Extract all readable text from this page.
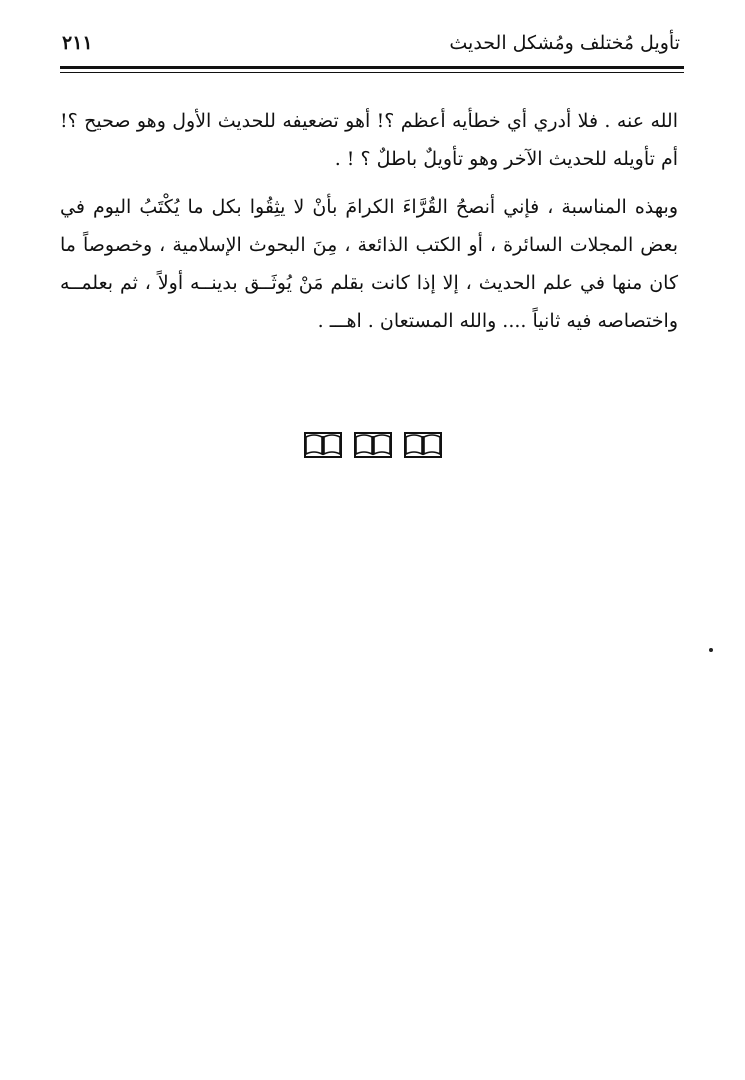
تأويل مُختلف ومُشكل الحديث
٢١١

الله عنه . فلا أدري أي خطأيه أعظم ؟! أهو تضعيفه للحديث الأول وهو صحيح ؟! أم تأويله للحديث الآخر وهو تأويلٌ باطلٌ ؟ ! .

وبهذه المناسبة ، فإني أنصحُ القُرَّاءَ الكرامَ بأنْ لا يثِقُوا بكل ما يُكْتَبُ اليوم في بعض المجلات السائرة ، أو الكتب الذائعة ، مِنَ البحوث الإسلامية ، وخصوصاً ما كان منها في علم الحديث ، إلا إذا كانت بقلم مَنْ يُوثَــق بدينــه أولاً ، ثم بعلمــه واختصاصه فيه ثانياً .... والله المستعان . اهـــ .
